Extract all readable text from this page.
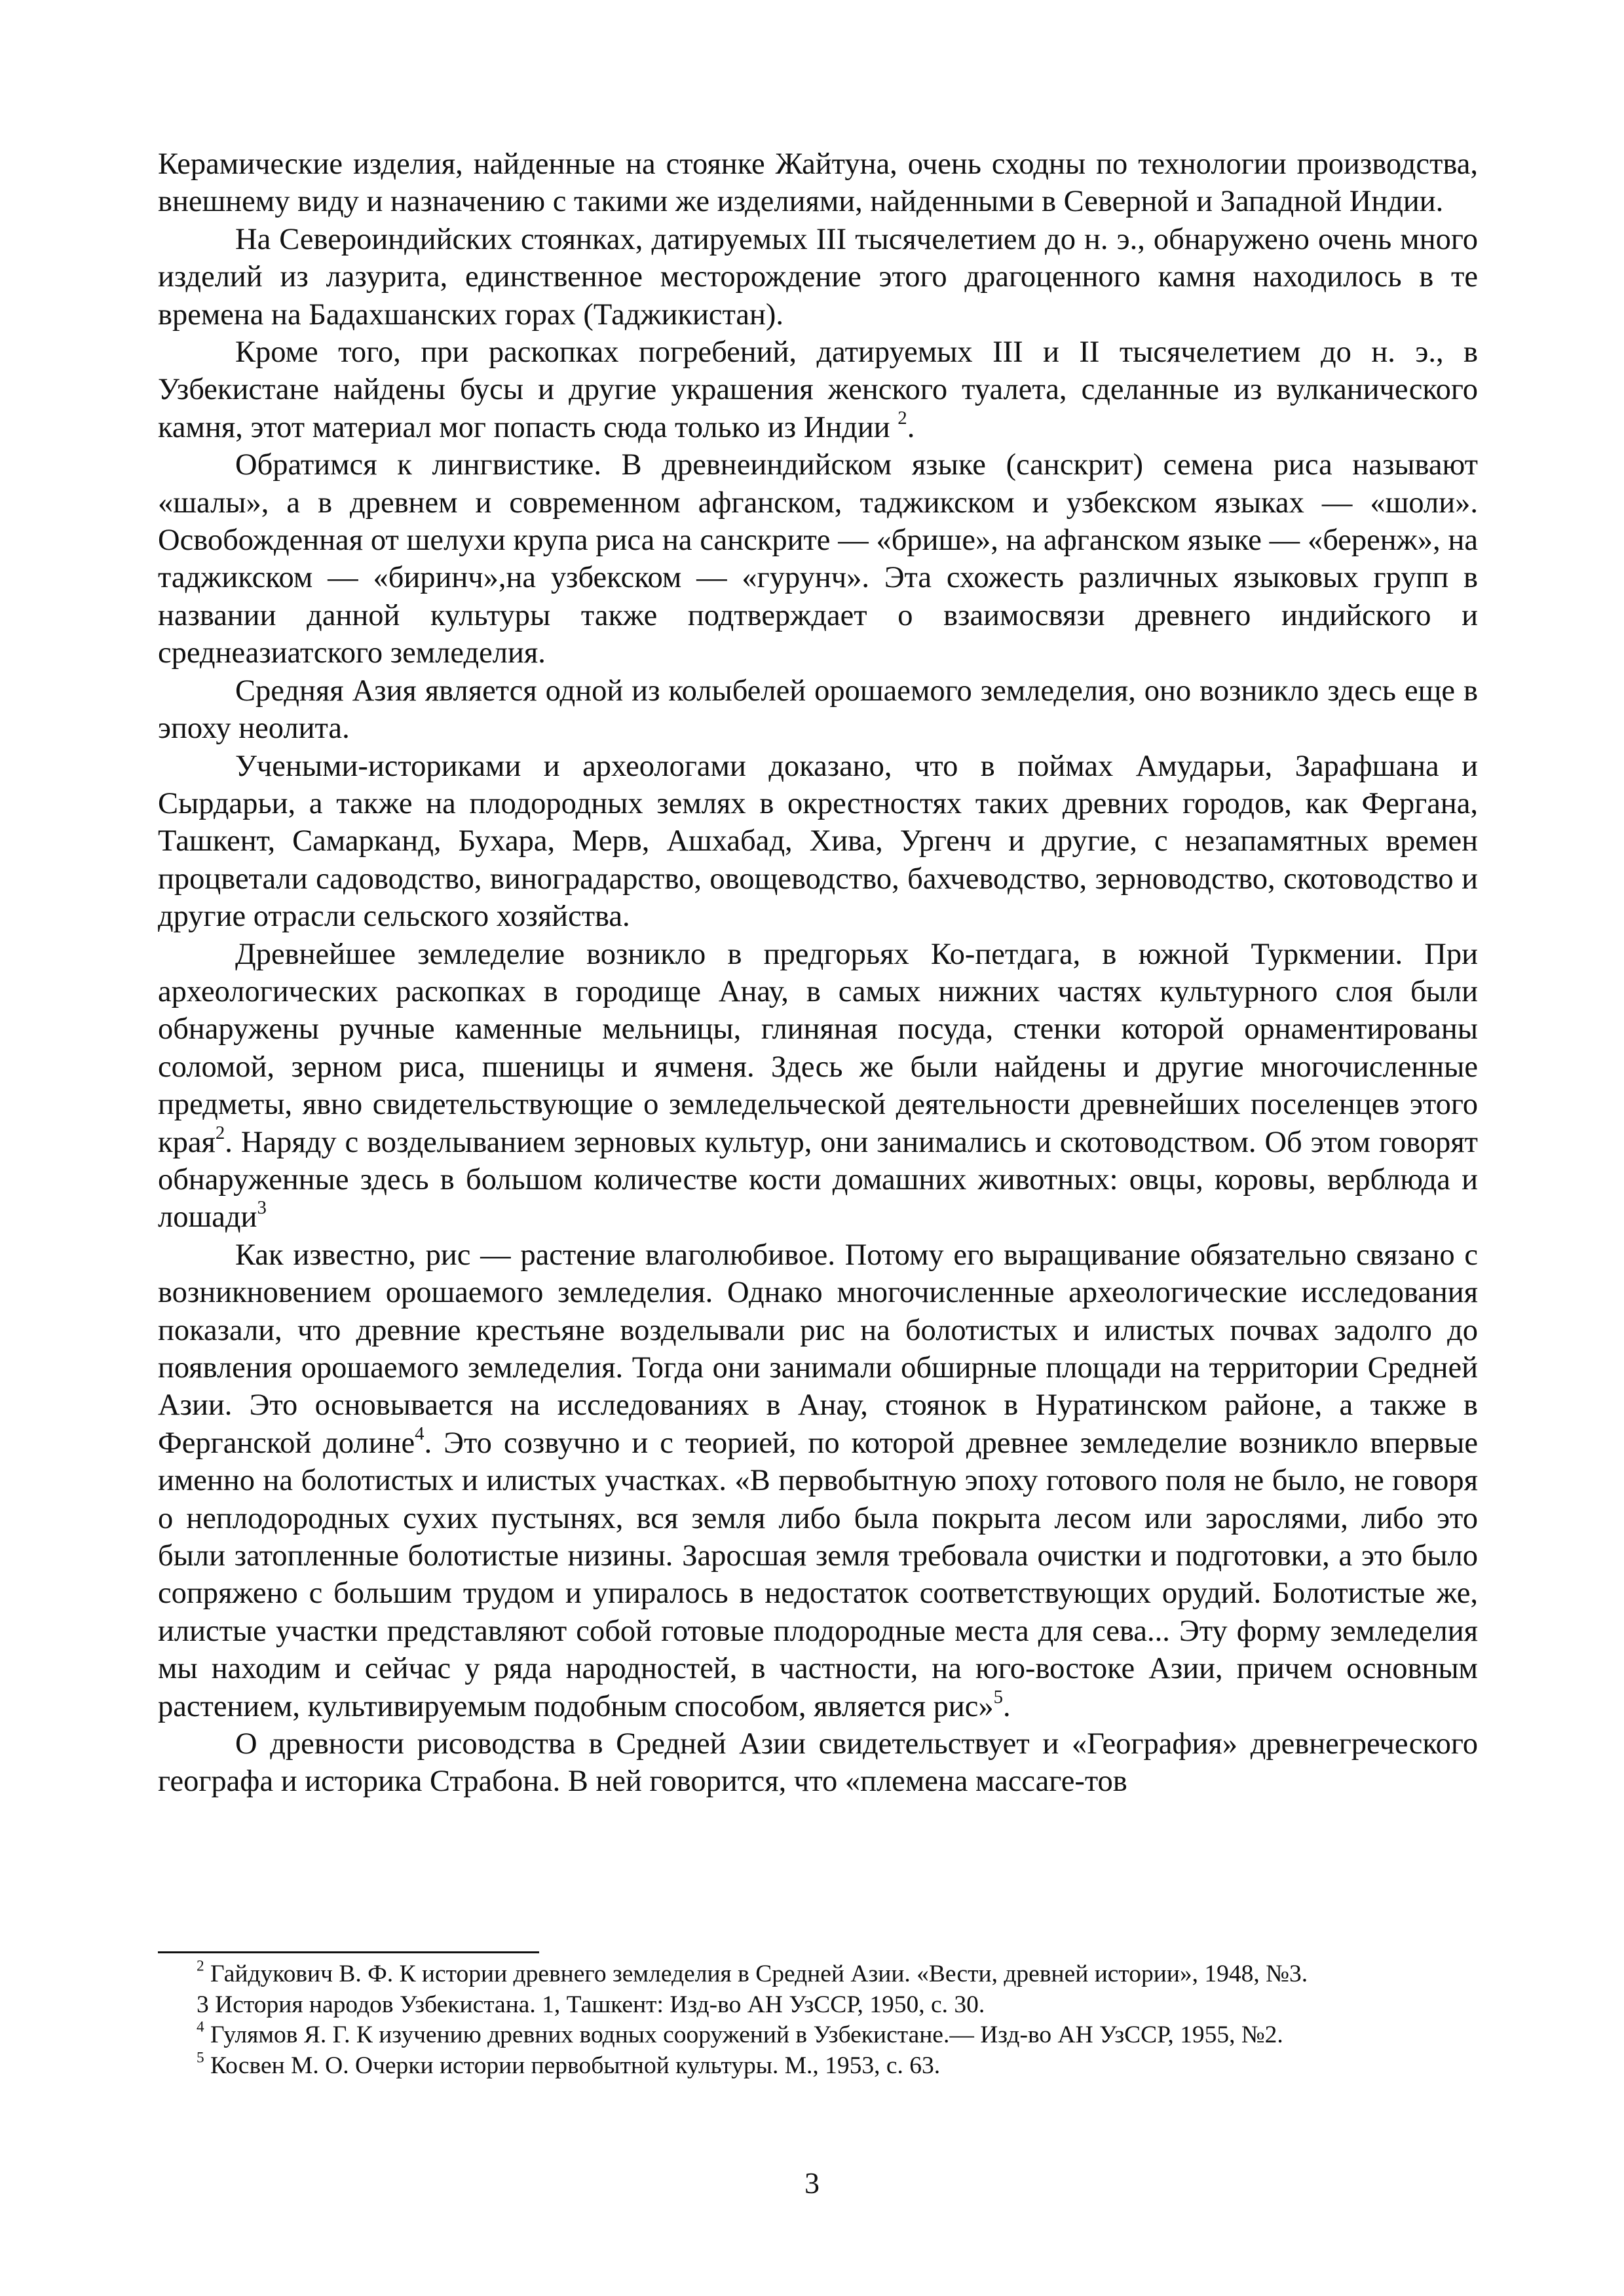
Керамические изделия, найденные на стоянке Жайтуна, очень сходны по технологии производства, внешнему виду и назначению с такими же изделиями, найденными в Северной и Западной Индии.

На Североиндийских стоянках, датируемых III тысячелетием до н. э., обнаружено очень много изделий из лазурита, единственное месторождение этого драгоценного камня находилось в те времена на Бадахшанских горах (Таджикистан).

Кроме того, при раскопках погребений, датируемых III и II тысячелетием до н. э., в Узбекистане найдены бусы и другие украшения женского туалета, сделанные из вулканического камня, этот материал мог попасть сюда только из Индии $^2$.

Обратимся к лингвистике. В древнеиндийском языке (санскрит) семена риса называют «шалы», а в древнем и современном афганском, таджикском и узбекском языках — «шоли». Освобожденная от шелухи крупа риса на санскрите — «брише», на афганском языке — «беренж», на таджикском — «биринч»,на узбекском — «гурунч». Эта схожесть различных языковых групп в названии данной культуры также подтверждает о взаимосвязи древнего индийского и среднеазиатского земледелия.

Средняя Азия является одной из колыбелей орошаемого земледелия, оно возникло здесь еще в эпоху неолита.

Учеными-историками и археологами доказано, что в поймах Амударьи, Зарафшана и Сырдарьи, а также на плодородных землях в окрестностях таких древних городов, как Фергана, Ташкент, Самарканд, Бухара, Мерв, Ашхабад, Хива, Ургенч и другие, с незапамятных времен процветали садоводство, виноградарство, овощеводство, бахчеводство, зерноводство, скотоводство и другие отрасли сельского хозяйства.

Древнейшее земледелие возникло в предгорьях Ко-петдага, в южной Туркмении. При археологических раскопках в городище Анау, в самых нижних частях культурного слоя были обнаружены ручные каменные мельницы, глиняная посуда, стенки которой орнаментированы соломой, зерном риса, пшеницы и ячменя. Здесь же были найдены и другие многочисленные предметы, явно свидетельствующие о земледельческой деятельности древнейших поселенцев этого края$^2$. Наряду с возделыванием зерновых культур, они занимались и скотоводством. Об этом говорят обнаруженные здесь в большом количестве кости домашних животных: овцы, коровы, верблюда и лошади$^3$

Как известно, рис — растение влаголюбивое. Потому его выращивание обязательно связано с возникновением орошаемого земледелия. Однако многочисленные археологические исследования показали, что древние крестьяне возделывали рис на болотистых и илистых почвах задолго до появления орошаемого земледелия. Тогда они занимали обширные площади на территории Средней Азии. Это основывается на исследованиях в Анау, стоянок в Нуратинском районе, а также в Ферганской долине$^4$. Это созвучно и с теорией, по которой древнее земледелие возникло впервые именно на болотистых и илистых участках. «В первобытную эпоху готового поля не было, не говоря о неплодородных сухих пустынях, вся земля либо была покрыта лесом или зарослями, либо это были затопленные болотистые низины. Заросшая земля требовала очистки и подготовки, а это было сопряжено с большим трудом и упиралось в недостаток соответствующих орудий. Болотистые же, илистые участки представляют собой готовые плодородные места для сева... Эту форму земледелия мы находим и сейчас у ряда народностей, в частности, на юго-востоке Азии, причем основным растением, культивируемым подобным способом, является рис»$^5$.

О древности рисоводства в Средней Азии свидетельствует и «География» древнегреческого географа и историка Страбона. В ней говорится, что «племена массаге-тов

$^2$ Гайдукович В. Ф. К истории древнего земледелия в Средней Азии. «Вести, древней истории», 1948, №3.

3 История народов Узбекистана. 1, Ташкент: Изд-во АН УзССР, 1950, с. 30.

$^4$ Гулямов Я. Г. К изучению древних водных сооружений в Узбекистане.— Изд-во АН УзССР, 1955, №2.

$^5$ Косвен М. О. Очерки истории первобытной культуры. М., 1953, с. 63.

3
